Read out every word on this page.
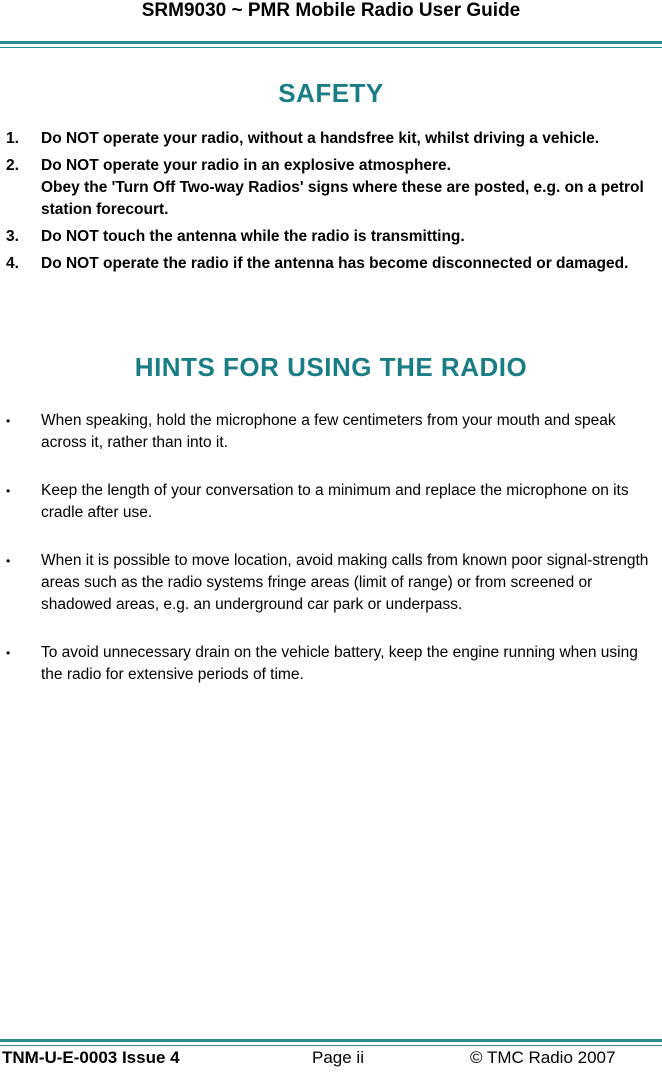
SRM9030 ~ PMR Mobile Radio User Guide
SAFETY
1. Do NOT operate your radio, without a handsfree kit, whilst driving a vehicle.
2. Do NOT operate your radio in an explosive atmosphere.
Obey the 'Turn Off Two-way Radios' signs where these are posted, e.g. on a petrol station forecourt.
3. Do NOT touch the antenna while the radio is transmitting.
4. Do NOT operate the radio if the antenna has become disconnected or damaged.
HINTS FOR USING THE RADIO
• When speaking, hold the microphone a few centimeters from your mouth and speak across it, rather than into it.
• Keep the length of your conversation to a minimum and replace the microphone on its cradle after use.
• When it is possible to move location, avoid making calls from known poor signal-strength areas such as the radio systems fringe areas (limit of range) or from screened or shadowed areas, e.g. an underground car park or underpass.
• To avoid unnecessary drain on the vehicle battery, keep the engine running when using the radio for extensive periods of time.
TNM-U-E-0003 Issue 4	Page ii	© TMC Radio 2007
